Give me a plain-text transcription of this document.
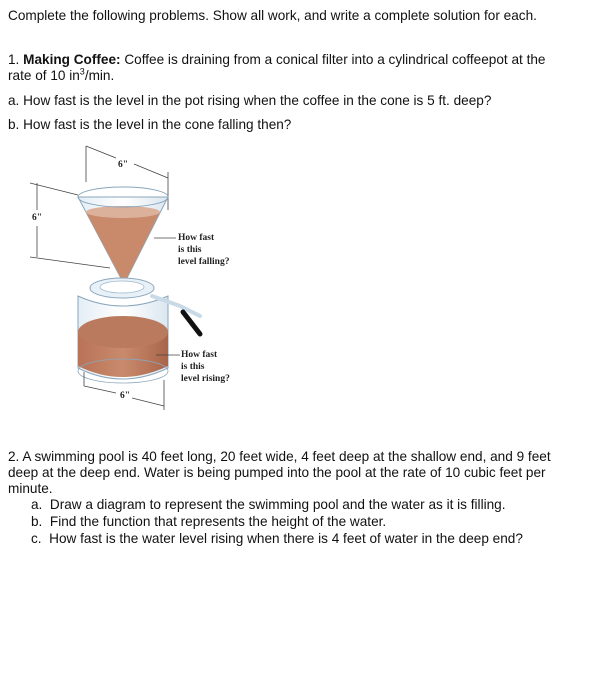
Complete the following problems. Show all work, and write a complete solution for each.
1. Making Coffee: Coffee is draining from a conical filter into a cylindrical coffeepot at the
rate of 10 $in^3/\min$.
a. How fast is the level in the pot rising when the coffee in the cone is 5 ft. deep?
b. How fast is the level in the cone falling then?
6"
6"
6"
How fast
is this
level falling?
How fast
is this
level rising?
2. A swimming pool is 40 feet long, 20 feet wide, 4 feet deep at the shallow end, and 9 feet
deep at the deep end. Water is being pumped into the pool at the rate of 10 cubic feet per
minute.
a. Draw a diagram to represent the swimming pool and the water as it is filling.
b. Find the function that represents the height of the water.
c. How fast is the water level rising when there is 4 feet of water in the deep end?
